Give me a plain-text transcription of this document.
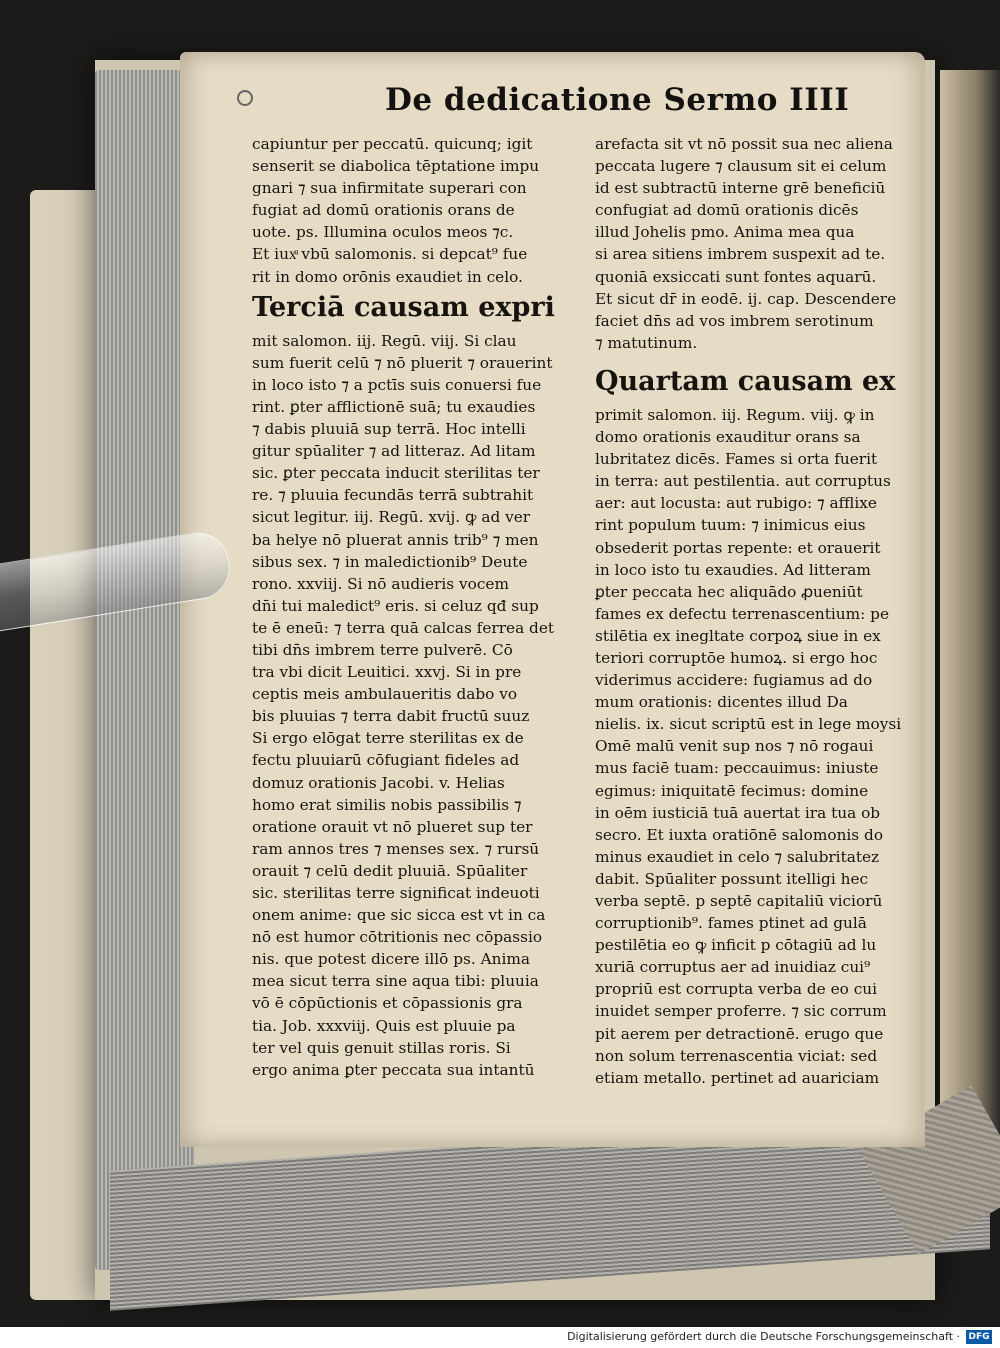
De dedicatione Sermo IIII
capiuntur per peccatū. quicunq; igit
senserit se diabolica tēptatione impu
gnari ⁊ sua infirmitate superari con
fugiat ad domū orationis orans de
uote. ps. Illumina oculos meos ⁊c.
Et iuxͣ vbū salomonis. si depcat⁹ fue
rit in domo orōnis exaudiet in celo.
Terciā causam expri
mit salomon. iij. Regū. viij. Si clau
sum fuerit celū ⁊ nō pluerit ⁊ orauerint
in loco isto ⁊ a pctīs suis conuersi fue
rint. ꝑter afflictionē suā; tu exaudies
⁊ dabis pluuiā sup terrā. Hoc intelli
gitur spūaliter ⁊ ad litteraz. Ad litam
sic. ꝑter peccata inducit sterilitas ter
re. ⁊ pluuia fecundās terrā subtrahit
sicut legitur. iij. Regū. xvij. ꝙ ad ver
ba helye nō pluerat annis trib⁹ ⁊ men
sibus sex. ⁊ in maledictionib⁹ Deute
rono. xxviij. Si nō audieris vocem
dn̄i tui maledict⁹ eris. si celuz qđ sup
te ē eneū: ⁊ terra quā calcas ferrea det
tibi dn̄s imbrem terre pulverē. Cō
tra vbi dicit Leuitici. xxvj. Si in pre
ceptis meis ambulaueritis dabo vo
bis pluuias ⁊ terra dabit fructū suuz
Si ergo elōgat terre sterilitas ex de
fectu pluuiarū cōfugiant fideles ad
domuz orationis Jacobi. v. Helias
homo erat similis nobis passibilis ⁊
oratione orauit vt nō plueret sup ter
ram annos tres ⁊ menses sex. ⁊ rursū
orauit ⁊ celū dedit pluuiā. Spūaliter
sic. sterilitas terre significat indeuoti
onem anime: que sic sicca est vt in ca
nō est humor cōtritionis nec cōpassio
nis. que potest dicere illō ps. Anima
mea sicut terra sine aqua tibi: pluuia
vō ē cōpūctionis et cōpassionis gra
tia. Job. xxxviij. Quis est pluuie pa
ter vel quis genuit stillas roris. Si
ergo anima ꝑter peccata sua intantū
arefacta sit vt nō possit sua nec aliena
peccata lugere ⁊ clausum sit ei celum
id est subtractū interne grē beneficiū
confugiat ad domū orationis dicēs
illud Johelis pmo. Anima mea qua
si area sitiens imbrem suspexit ad te.
quoniā exsiccati sunt fontes aquarū.
Et sicut dr̄ in eodē. ij. cap. Descendere
faciet dn̄s ad vos imbrem serotinum
⁊ matutinum.
Quartam causam ex
primit salomon. iij. Regum. viij. ꝙ in
domo orationis exauditur orans sa
lubritatez dicēs. Fames si orta fuerit
in terra: aut pestilentia. aut corruptus
aer: aut locusta: aut rubigo: ⁊ afflixe
rint populum tuum: ⁊ inimicus eius
obsederit portas repente: et orauerit
in loco isto tu exaudies. Ad litteram
ꝑter peccata hec aliquādo ꝓueniūt
fames ex defectu terrenascentium: pe
stilētia ex inegltate corpoꝝ siue in ex
teriori corruptōe humoꝝ. si ergo hoc
viderimus accidere: fugiamus ad do
mum orationis: dicentes illud Da
nielis. ix. sicut scriptū est in lege moysi
Omē malū venit sup nos ⁊ nō rogaui
mus faciē tuam: peccauimus: iniuste
egimus: iniquitatē fecimus: domine
in oēm iusticiā tuā auertat ira tua ob
secro. Et iuxta oratiōnē salomonis do
minus exaudiet in celo ⁊ salubritatez
dabit. Spūaliter possunt itelligi hec
verba septē. p septē capitaliū viciorū
corruptionib⁹. fames ptinet ad gulā
pestilētia eo ꝙ inficit p cōtagiū ad lu
xuriā corruptus aer ad inuidiaz cui⁹
propriū est corrupta verba de eo cui
inuidet semper proferre. ⁊ sic corrum
pit aerem per detractionē. erugo que
non solum terrenascentia viciat: sed
etiam metallo. pertinet ad auariciam
Digitalisierung gefördert durch die Deutsche Forschungsgemeinschaft · DFG
